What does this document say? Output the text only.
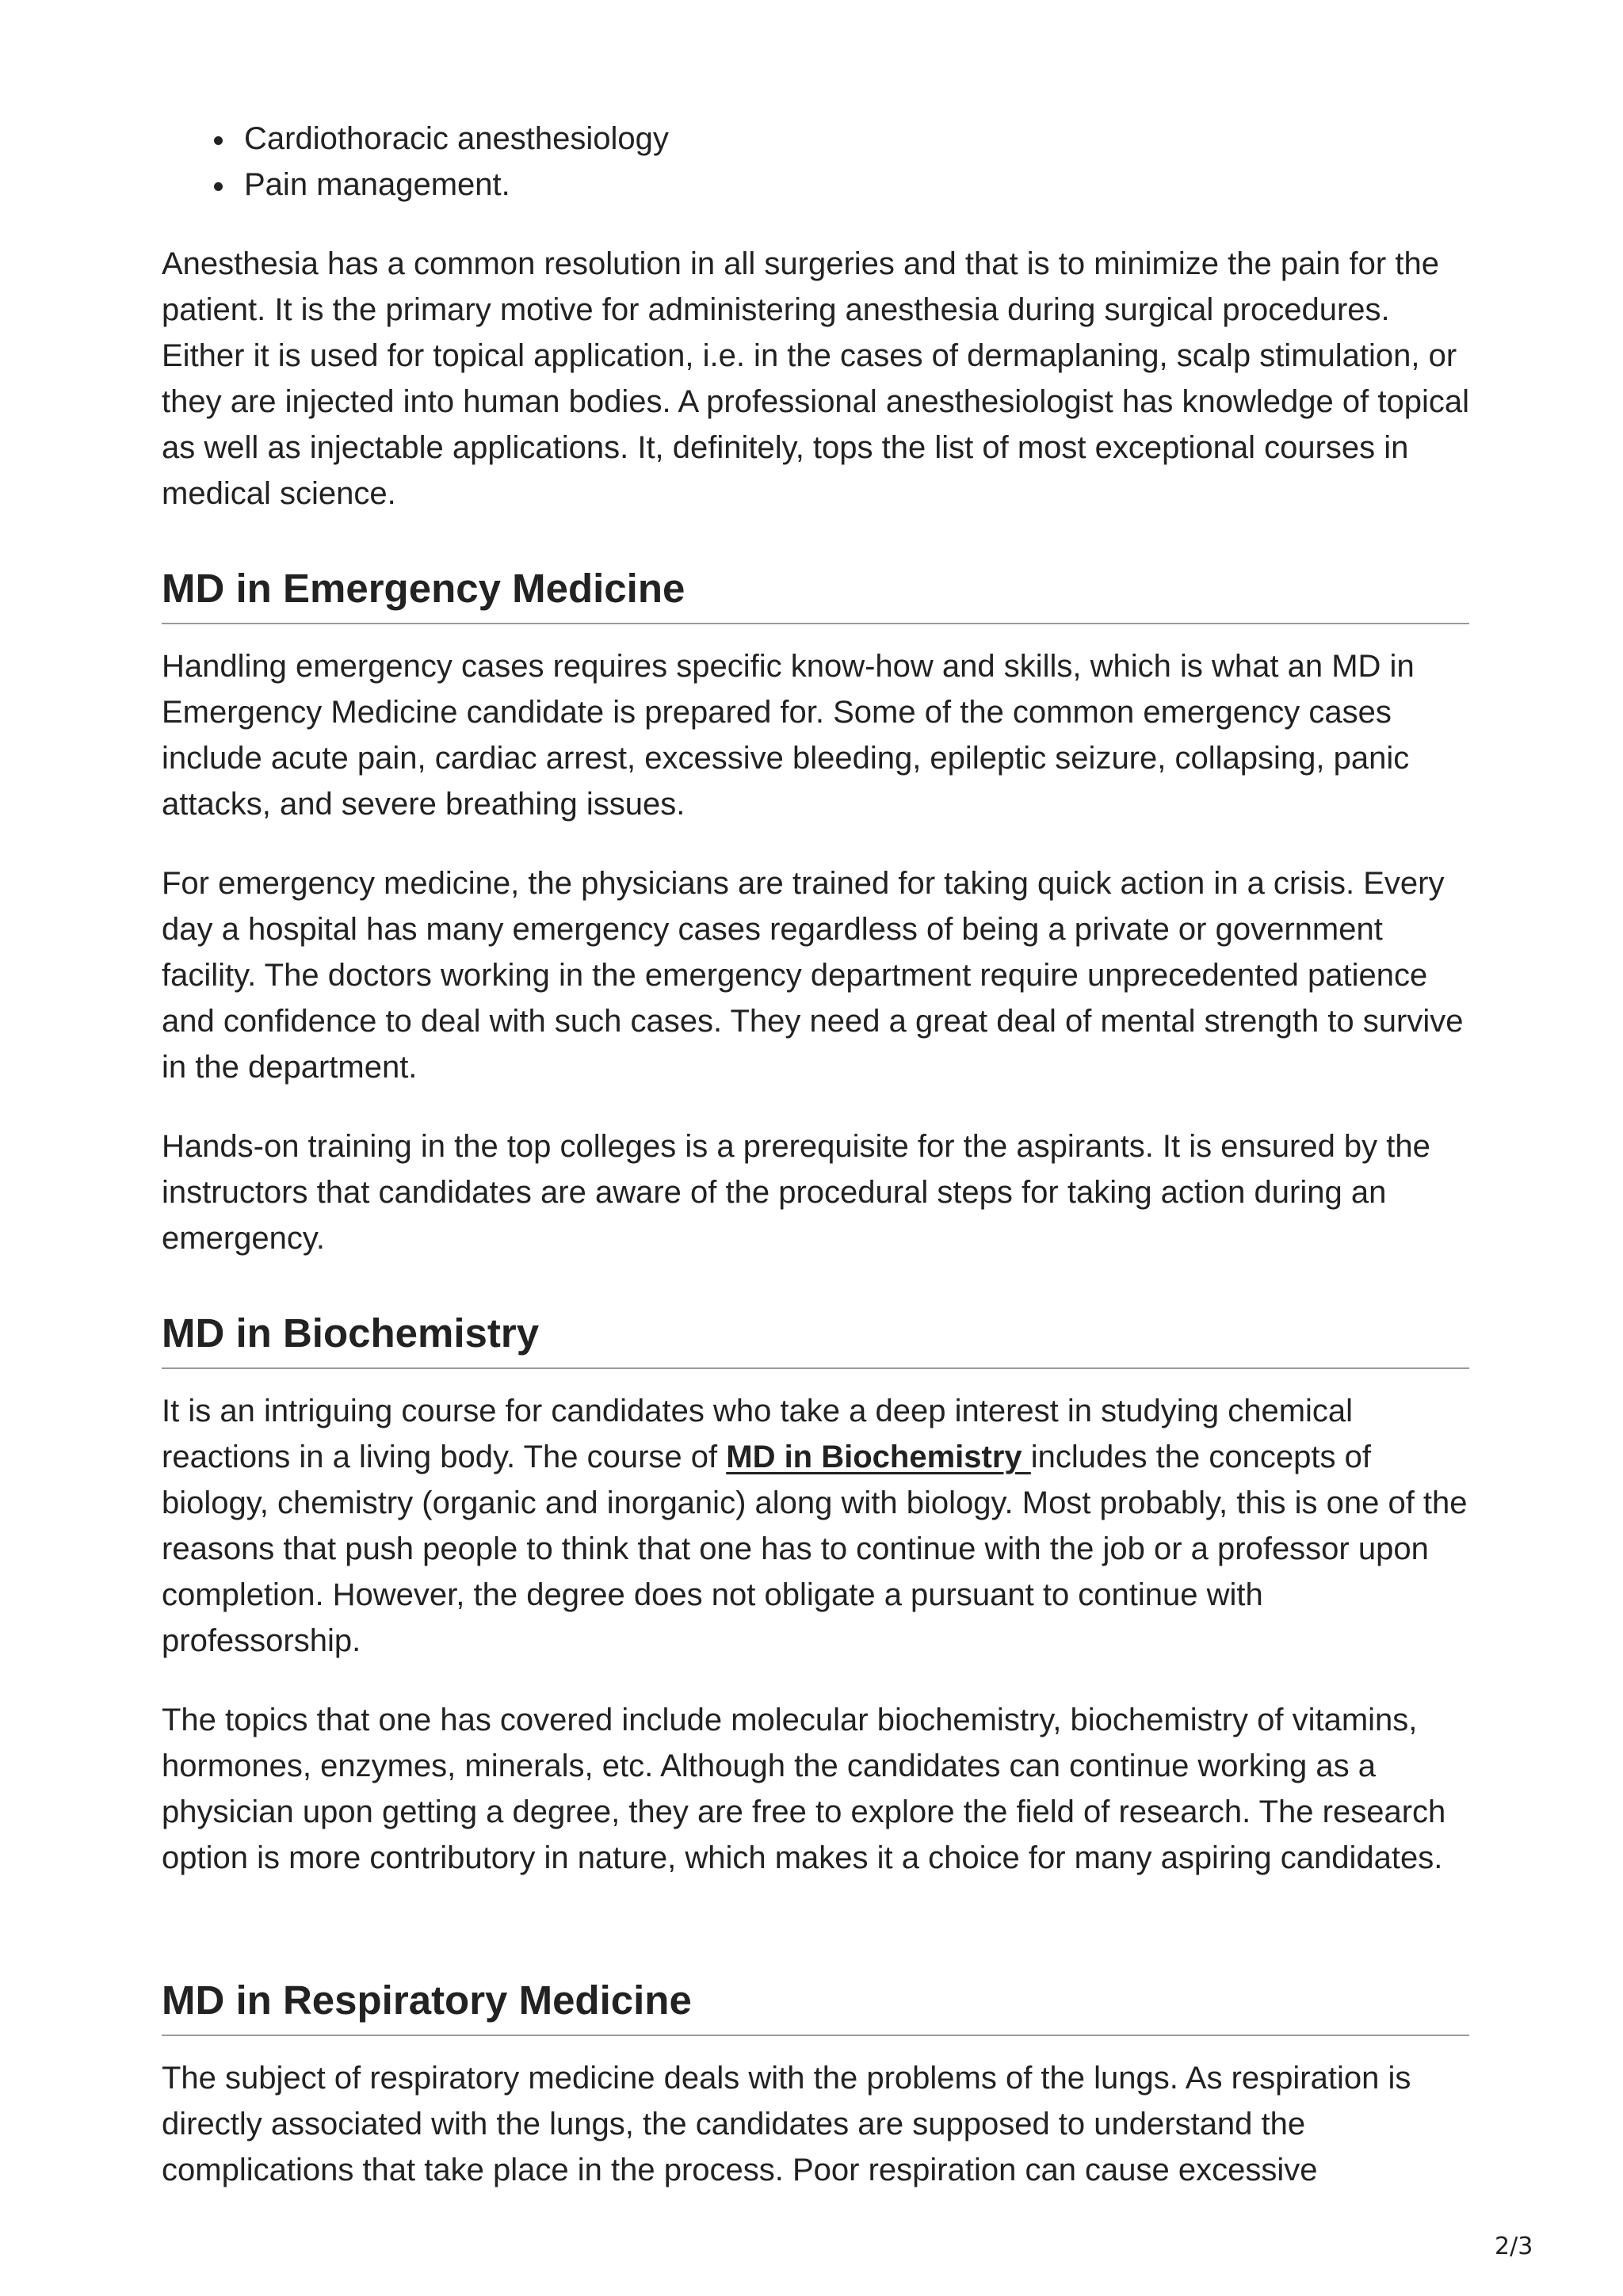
Cardiothoracic anesthesiology
Pain management.

Anesthesia has a common resolution in all surgeries and that is to minimize the pain for the patient. It is the primary motive for administering anesthesia during surgical procedures. Either it is used for topical application, i.e. in the cases of dermaplaning, scalp stimulation, or they are injected into human bodies. A professional anesthesiologist has knowledge of topical as well as injectable applications. It, definitely, tops the list of most exceptional courses in medical science.

MD in Emergency Medicine

Handling emergency cases requires specific know-how and skills, which is what an MD in Emergency Medicine candidate is prepared for. Some of the common emergency cases include acute pain, cardiac arrest, excessive bleeding, epileptic seizure, collapsing, panic attacks, and severe breathing issues.

For emergency medicine, the physicians are trained for taking quick action in a crisis. Every day a hospital has many emergency cases regardless of being a private or government facility. The doctors working in the emergency department require unprecedented patience and confidence to deal with such cases. They need a great deal of mental strength to survive in the department.

Hands-on training in the top colleges is a prerequisite for the aspirants. It is ensured by the instructors that candidates are aware of the procedural steps for taking action during an emergency.

MD in Biochemistry

It is an intriguing course for candidates who take a deep interest in studying chemical reactions in a living body. The course of MD in Biochemistry includes the concepts of biology, chemistry (organic and inorganic) along with biology. Most probably, this is one of the reasons that push people to think that one has to continue with the job or a professor upon completion. However, the degree does not obligate a pursuant to continue with professorship.

The topics that one has covered include molecular biochemistry, biochemistry of vitamins, hormones, enzymes, minerals, etc. Although the candidates can continue working as a physician upon getting a degree, they are free to explore the field of research. The research option is more contributory in nature, which makes it a choice for many aspiring candidates.

MD in Respiratory Medicine

The subject of respiratory medicine deals with the problems of the lungs. As respiration is directly associated with the lungs, the candidates are supposed to understand the complications that take place in the process. Poor respiration can cause excessive

2/3
